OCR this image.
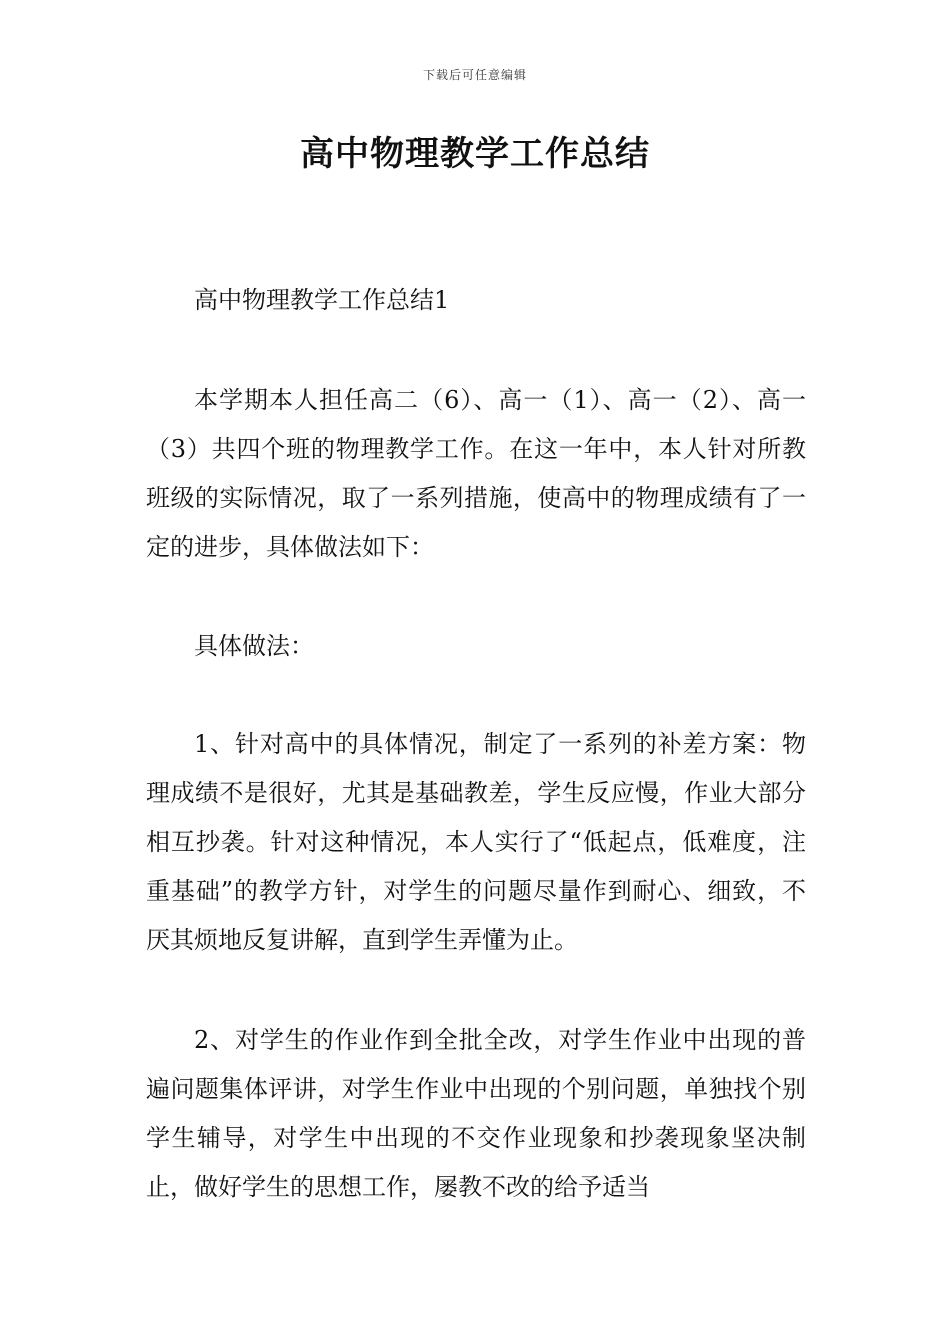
下载后可任意编辑
高中物理教学工作总结

高中物理教学工作总结1

本学期本人担任高二（6）、高一（1）、高一（2）、高一（3）共四个班的物理教学工作。在这一年中，本人针对所教班级的实际情况，取了一系列措施，使高中的物理成绩有了一定的进步，具体做法如下：

具体做法：

1、针对高中的具体情况，制定了一系列的补差方案：物理成绩不是很好，尤其是基础教差，学生反应慢，作业大部分相互抄袭。针对这种情况，本人实行了“低起点，低难度，注重基础”的教学方针，对学生的问题尽量作到耐心、细致，不厌其烦地反复讲解，直到学生弄懂为止。

2、对学生的作业作到全批全改，对学生作业中出现的普遍问题集体评讲，对学生作业中出现的个别问题，单独找个别学生辅导，对学生中出现的不交作业现象和抄袭现象坚决制止，做好学生的思想工作，屡教不改的给予适当
